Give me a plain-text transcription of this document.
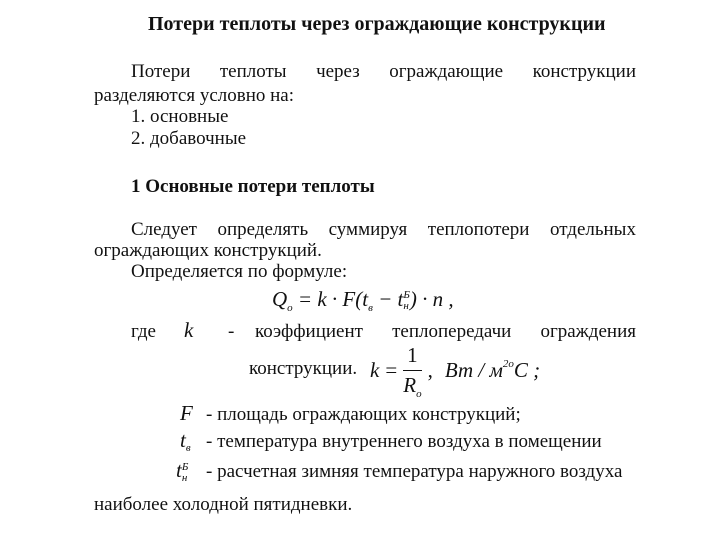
Потери теплоты через ограждающие конструкции
Потери теплоты через ограждающие конструкции
разделяются условно на:
1. основные
2. добавочные
1 Основные потери теплоты
Следует определять суммируя теплопотери отдельных
ограждающих конструкций.
Определяется по формуле:
$Q_о = k \cdot F(t_в - t$ Б
н ) · n ,
где k - коэффициент теплопередачи ограждения
конструкции. $k = \frac{1}{R_о}$ , Вт / $м^{2о}С$ ;
F - площадь ограждающих конструкций;
$t_в$ - температура внутреннего воздуха в помещении
t Б
н - расчетная зимняя температура наружного воздуха
наиболее холодной пятидневки.
